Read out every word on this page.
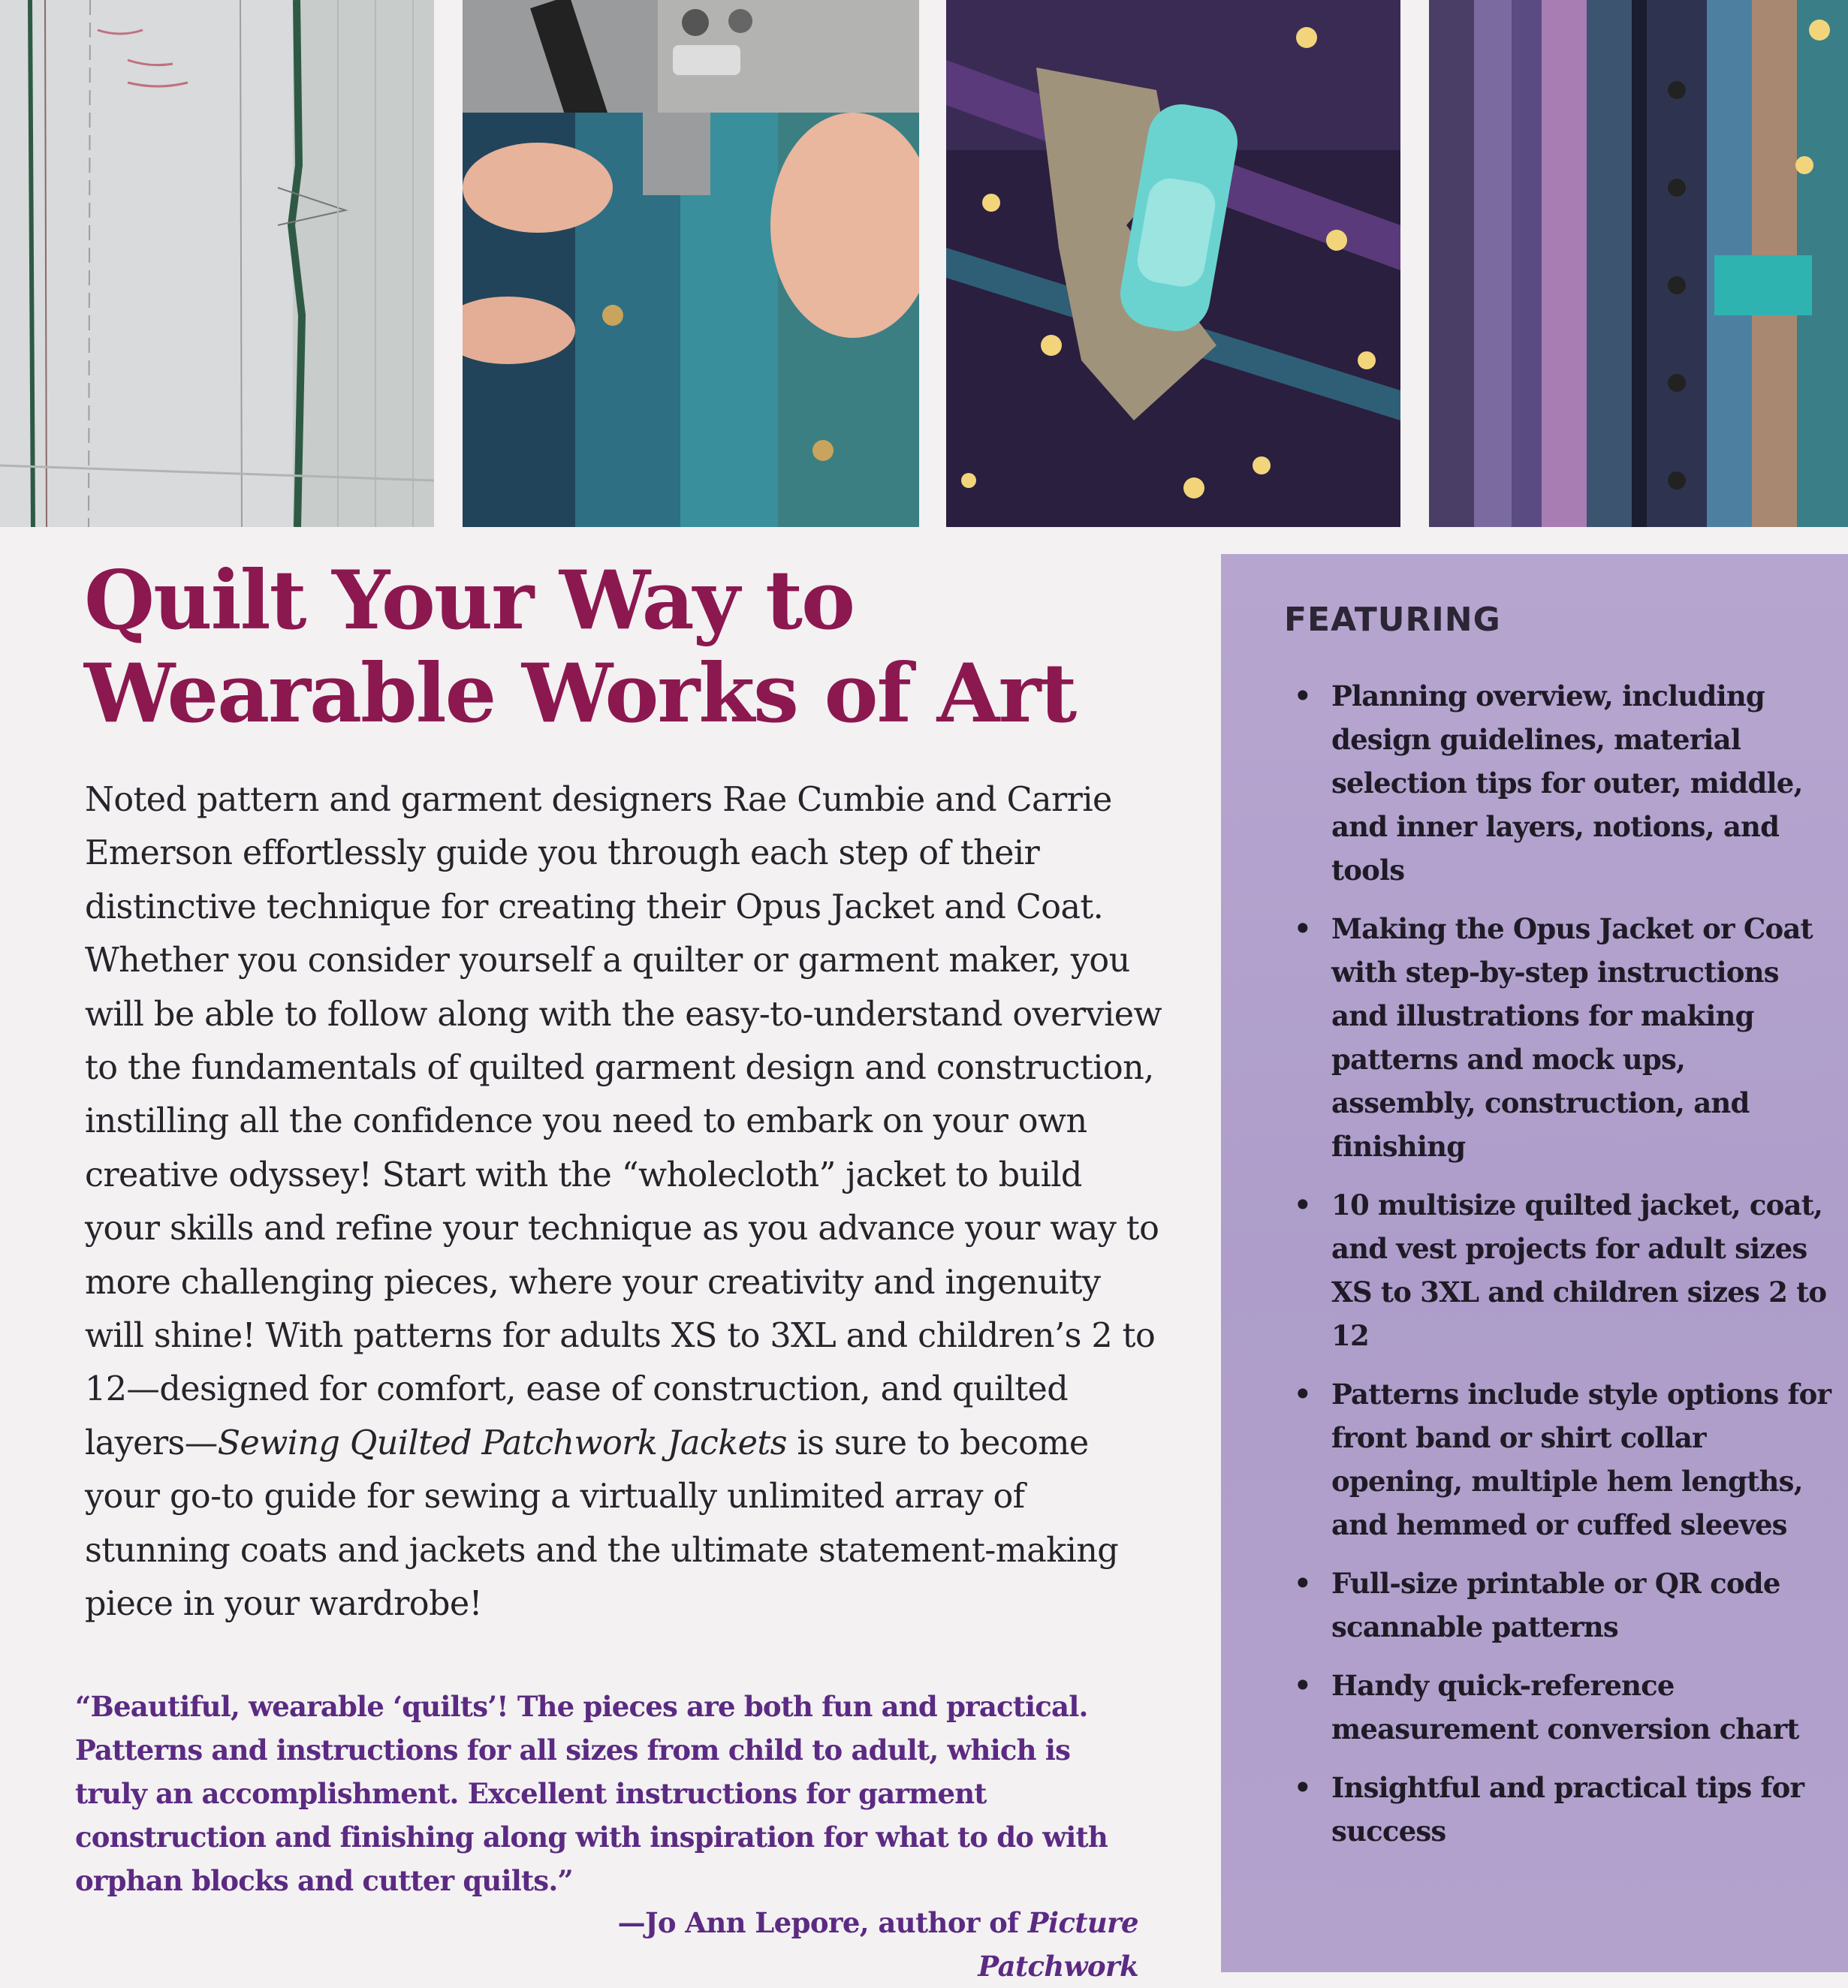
Quilt Your Way to
Wearable Works of Art

Noted pattern and garment designers Rae Cumbie and Carrie Emerson effortlessly guide you through each step of their distinctive technique for creating their Opus Jacket and Coat. Whether you consider yourself a quilter or garment maker, you will be able to follow along with the easy-to-understand overview to the fundamentals of quilted garment design and construction, instilling all the confidence you need to embark on your own creative odyssey! Start with the “wholecloth” jacket to build your skills and refine your technique as you advance your way to more challenging pieces, where your creativity and ingenuity will shine! With patterns for adults XS to 3XL and children’s 2 to 12—designed for comfort, ease of construction, and quilted layers—Sewing Quilted Patchwork Jackets is sure to become your go-to guide for sewing a virtually unlimited array of stunning coats and jackets and the ultimate statement-making piece in your wardrobe!

“Beautiful, wearable ‘quilts’! The pieces are both fun and practical. Patterns and instructions for all sizes from child to adult, which is truly an accomplishment. Excellent instructions for garment construction and finishing along with inspiration for what to do with orphan blocks and cutter quilts.”

—Jo Ann Lepore, author of Picture Patchwork
FEATURING
• Planning overview, including design guidelines, material selection tips for outer, middle, and inner layers, notions, and tools
• Making the Opus Jacket or Coat with step-by-step instructions and illustrations for making patterns and mock ups, assembly, construction, and finishing
• 10 multisize quilted jacket, coat, and vest projects for adult sizes XS to 3XL and children sizes 2 to 12
• Patterns include style options for front band or shirt collar opening, multiple hem lengths, and hemmed or cuffed sleeves
• Full-size printable or QR code scannable patterns
• Handy quick-reference measurement conversion chart
• Insightful and practical tips for success
